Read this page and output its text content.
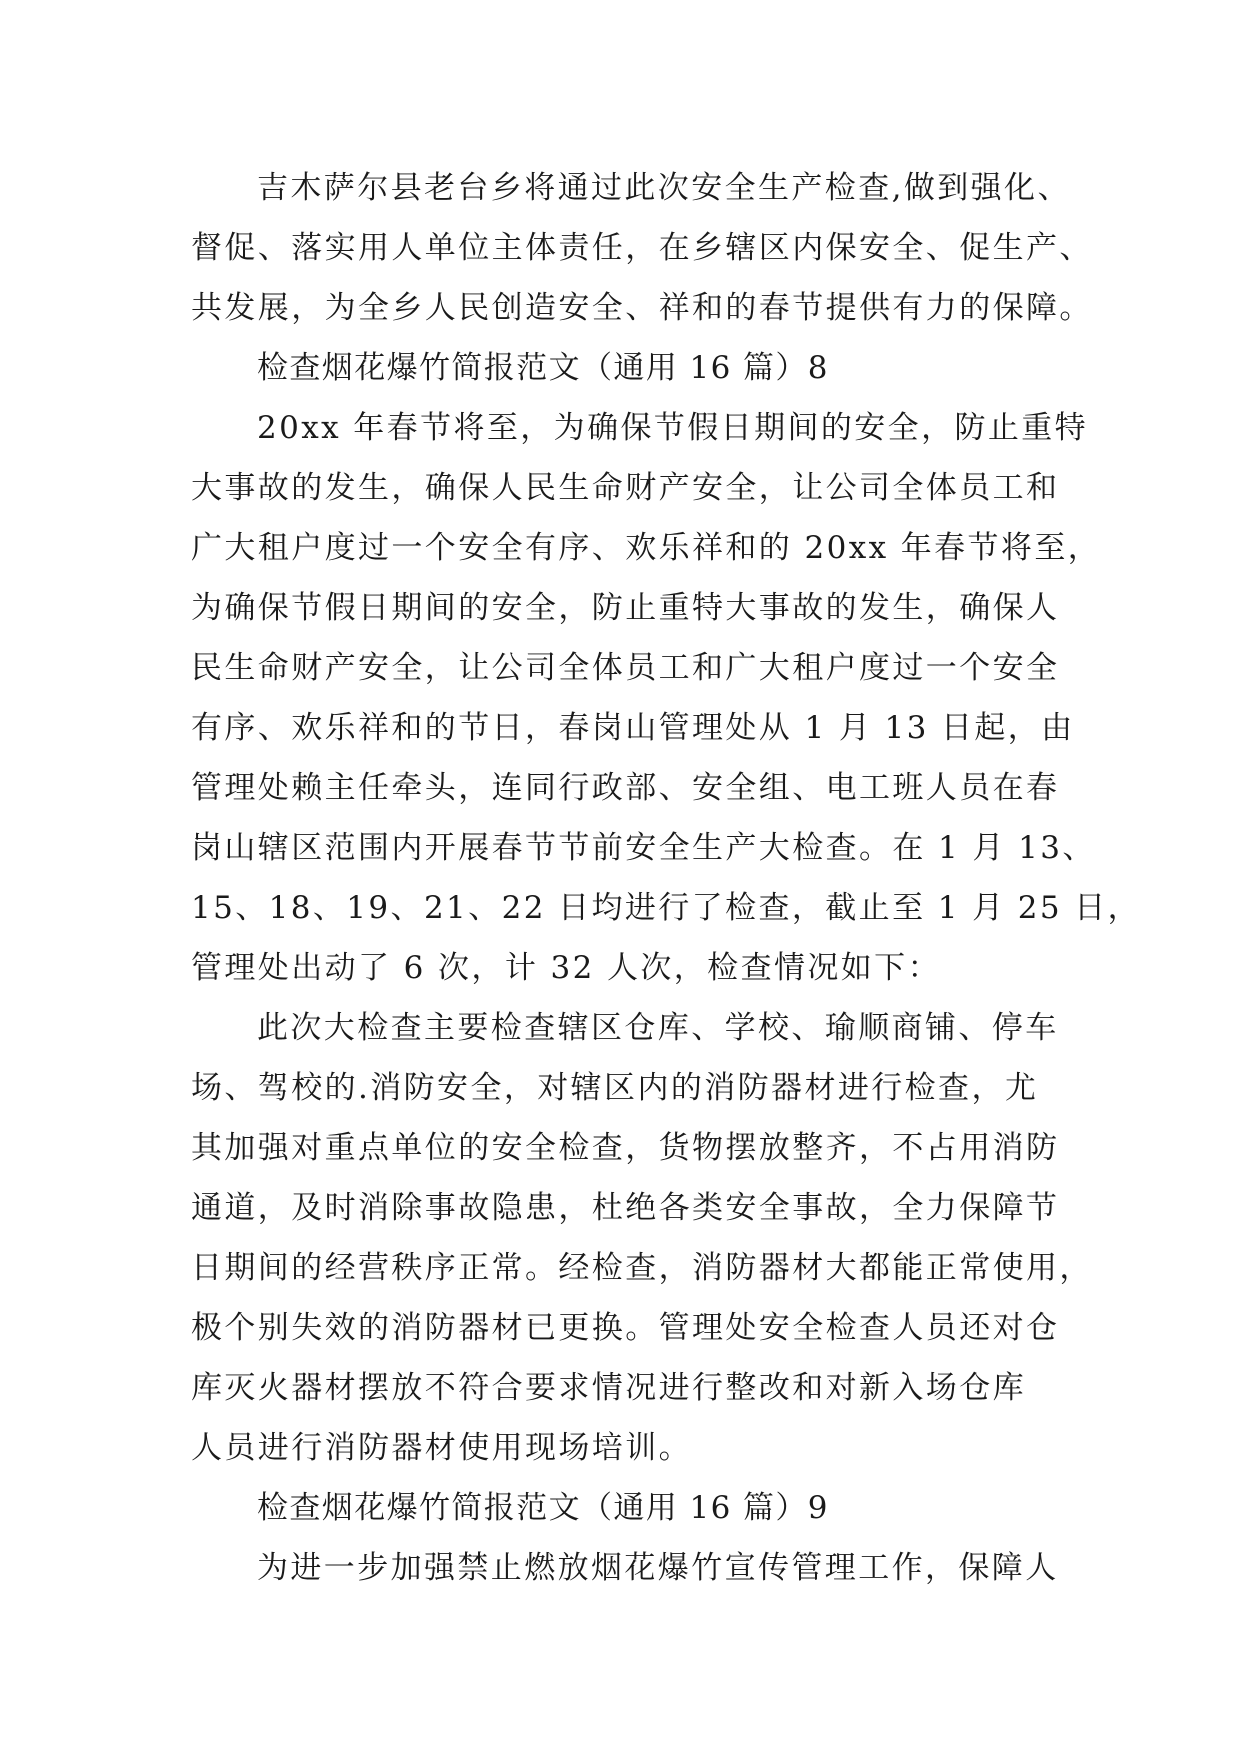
吉木萨尔县老台乡将通过此次安全生产检查,做到强化、
督促、落实用人单位主体责任，在乡辖区内保安全、促生产、
共发展，为全乡人民创造安全、祥和的春节提供有力的保障。
检查烟花爆竹简报范文（通用 16 篇）8
20xx 年春节将至，为确保节假日期间的安全，防止重特
大事故的发生，确保人民生命财产安全，让公司全体员工和
广大租户度过一个安全有序、欢乐祥和的 20xx 年春节将至，
为确保节假日期间的安全，防止重特大事故的发生，确保人
民生命财产安全，让公司全体员工和广大租户度过一个安全
有序、欢乐祥和的节日，春岗山管理处从 1 月 13 日起，由
管理处赖主任牵头，连同行政部、安全组、电工班人员在春
岗山辖区范围内开展春节节前安全生产大检查。在 1 月 13、
15、18、19、21、22 日均进行了检查，截止至 1 月 25 日，
管理处出动了 6 次，计 32 人次，检查情况如下：
此次大检查主要检查辖区仓库、学校、瑜顺商铺、停车
场、驾校的.消防安全，对辖区内的消防器材进行检查，尤
其加强对重点单位的安全检查，货物摆放整齐，不占用消防
通道，及时消除事故隐患，杜绝各类安全事故，全力保障节
日期间的经营秩序正常。经检查，消防器材大都能正常使用，
极个别失效的消防器材已更换。管理处安全检查人员还对仓
库灭火器材摆放不符合要求情况进行整改和对新入场仓库
人员进行消防器材使用现场培训。
检查烟花爆竹简报范文（通用 16 篇）9
为进一步加强禁止燃放烟花爆竹宣传管理工作，保障人
